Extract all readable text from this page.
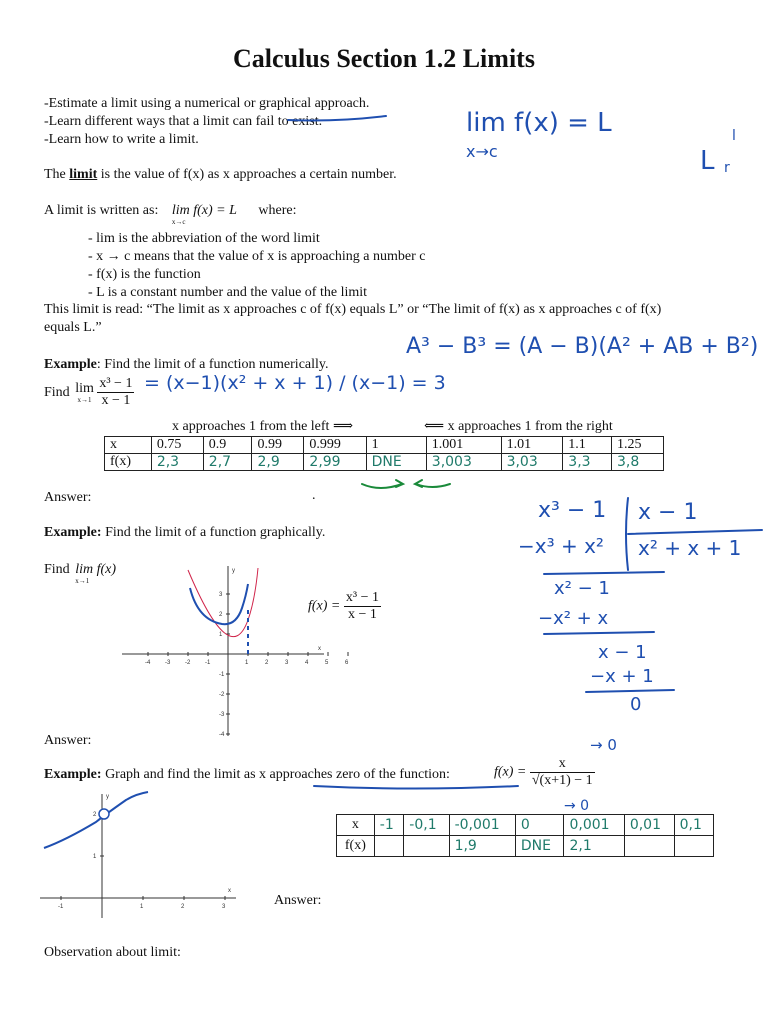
Calculus Section 1.2 Limits
-Estimate a limit using a numerical or graphical approach.
-Learn different ways that a limit can fail to exist.
-Learn how to write a limit.
The limit is the value of f(x) as x approaches a certain number.
A limit is written as: lim f(x) = L
x→c
where:
- lim is the abbreviation of the word limit
- x → c means that the value of x is approaching a number c
- f(x) is the function
- L is a constant number and the value of the limit
This limit is read: “The limit as x approaches c of f(x) equals L” or “The limit of f(x) as x approaches c of f(x)
equals L.”
Example: Find the limit of a function numerically.
Find lim
x→1
$\frac{\text{x³ − 1}}{x - 1}$
x approaches 1 from the left ⟹	⟸ x approaches 1 from the right
x	0.75	0.9	0.99	0.999	1	1.001	1.01	1.1	1.25
f(x)	2,3	2,7	2,9	2,99	DNE	3,003	3,03	3,3	3,8
Answer:	.
Example: Find the limit of a function graphically.
Find lim f(x)
x→1
y
x
-4 -3 -2 -1	1	2	3	4	5	6
3
2
1
-1
-2
-3
-4
$f(x) = \frac{\text{x³ − 1}}{x - 1}$
Answer:
Example: Graph and find the limit as x approaches zero of the function:	$f(x) = \frac{x}{√(x+1) - 1}$
y
x
-1	1	2	3
2
1
x	-1	-0,1	-0,001	0	0,001	0,01	0,1
f(x)			1,9	DNE	2,1		
Answer:
Observation about limit:
lim f(x) = L	l
x→c	L r
A³ − B³ = (A − B)(A² + AB + B²)
= (x−1)(x² + x + 1) / (x−1) = 3
x³ − 1 x − 1
−x³ + x² x² + x + 1
x² − 1
−x² + x
x − 1
−x + 1
0
→ 0
→ 0
